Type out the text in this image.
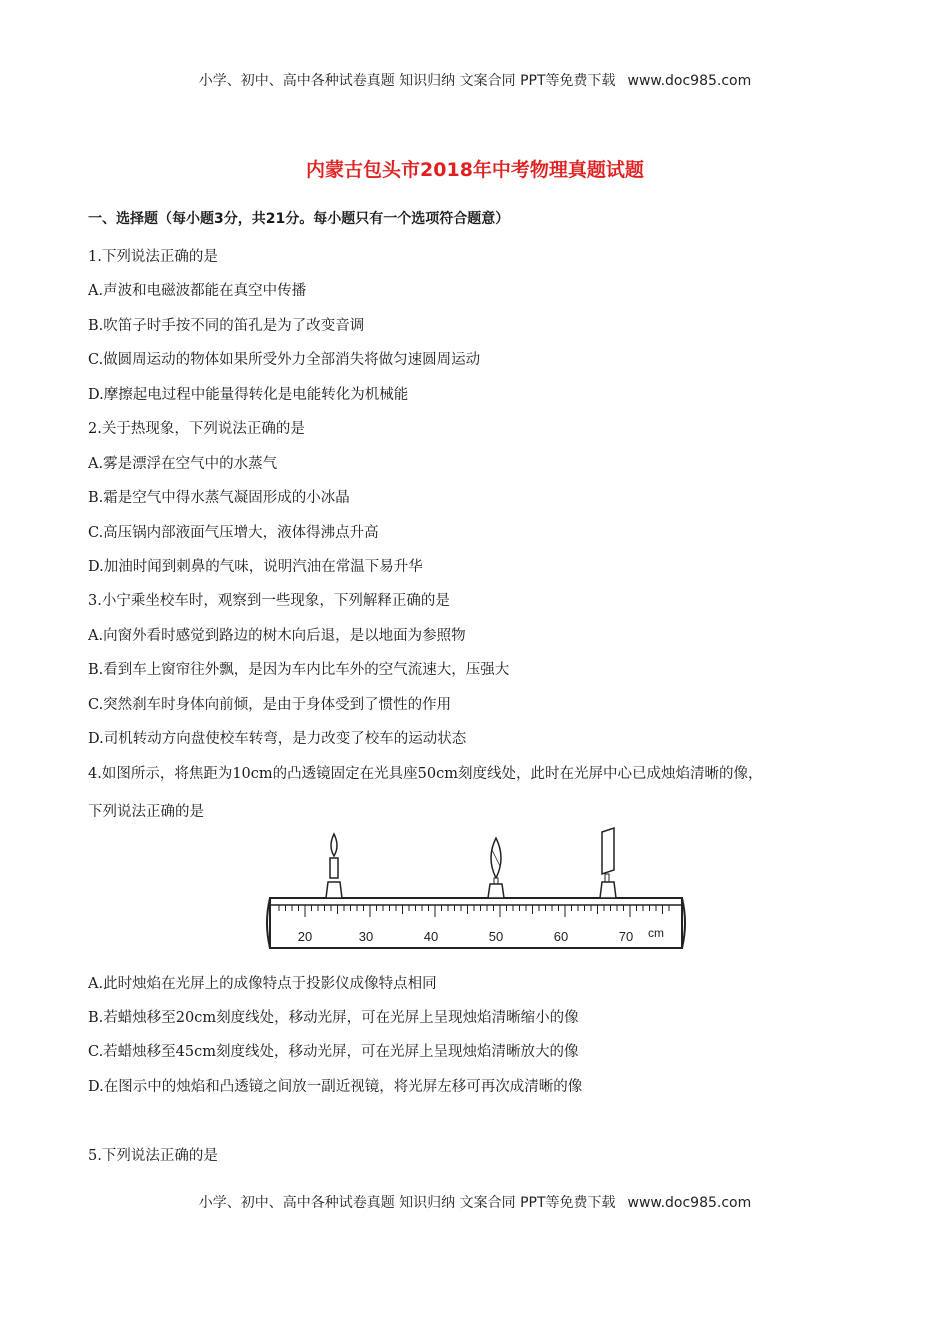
小学、初中、高中各种试卷真题 知识归纳 文案合同 PPT等免费下载 www.doc985.com
内蒙古包头市2018年中考物理真题试题
一、选择题（每小题3分，共21分。每小题只有一个选项符合题意）
1.下列说法正确的是
A.声波和电磁波都能在真空中传播
B.吹笛子时手按不同的笛孔是为了改变音调
C.做圆周运动的物体如果所受外力全部消失将做匀速圆周运动
D.摩擦起电过程中能量得转化是电能转化为机械能
2.关于热现象，下列说法正确的是
A.雾是漂浮在空气中的水蒸气
B.霜是空气中得水蒸气凝固形成的小冰晶
C.高压锅内部液面气压增大，液体得沸点升高
D.加油时闻到刺鼻的气味，说明汽油在常温下易升华
3.小宁乘坐校车时，观察到一些现象，下列解释正确的是
A.向窗外看时感觉到路边的树木向后退，是以地面为参照物
B.看到车上窗帘往外飘，是因为车内比车外的空气流速大，压强大
C.突然刹车时身体向前倾，是由于身体受到了惯性的作用
D.司机转动方向盘使校车转弯，是力改变了校车的运动状态
4.如图所示，将焦距为10cm的凸透镜固定在光具座50cm刻度线处，此时在光屏中心已成烛焰清晰的像，
下列说法正确的是
20	30	40	50	60	70 cm
A.此时烛焰在光屏上的成像特点于投影仪成像特点相同
B.若蜡烛移至20cm刻度线处，移动光屏，可在光屏上呈现烛焰清晰缩小的像
C.若蜡烛移至45cm刻度线处，移动光屏，可在光屏上呈现烛焰清晰放大的像
D.在图示中的烛焰和凸透镜之间放一副近视镜，将光屏左移可再次成清晰的像
5.下列说法正确的是
小学、初中、高中各种试卷真题 知识归纳 文案合同 PPT等免费下载 www.doc985.com
